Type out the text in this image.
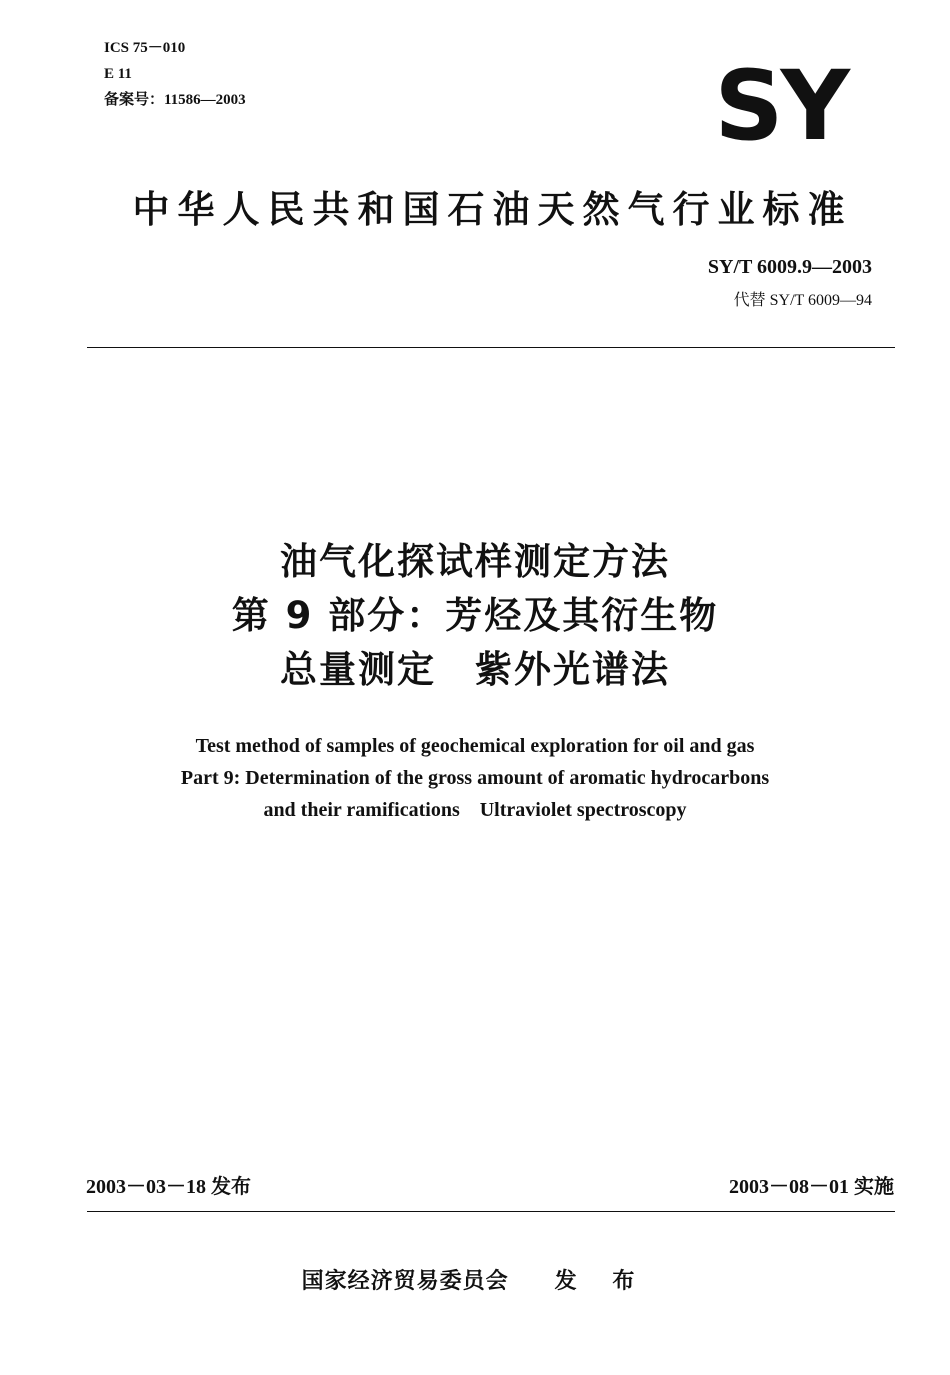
ICS 75－010
E 11
备案号：11586—2003	SY
中华人民共和国石油天然气行业标准
SY/T 6009.9—2003
代替 SY/T 6009—94
油气化探试样测定方法
第 9 部分：芳烃及其衍生物
总量测定　紫外光谱法
Test method of samples of geochemical exploration for oil and gas
Part 9: Determination of the gross amount of aromatic hydrocarbons
and their ramifications　Ultraviolet spectroscopy
2003－03－18 发布	2003－08－01 实施
国家经济贸易委员会 发 布
